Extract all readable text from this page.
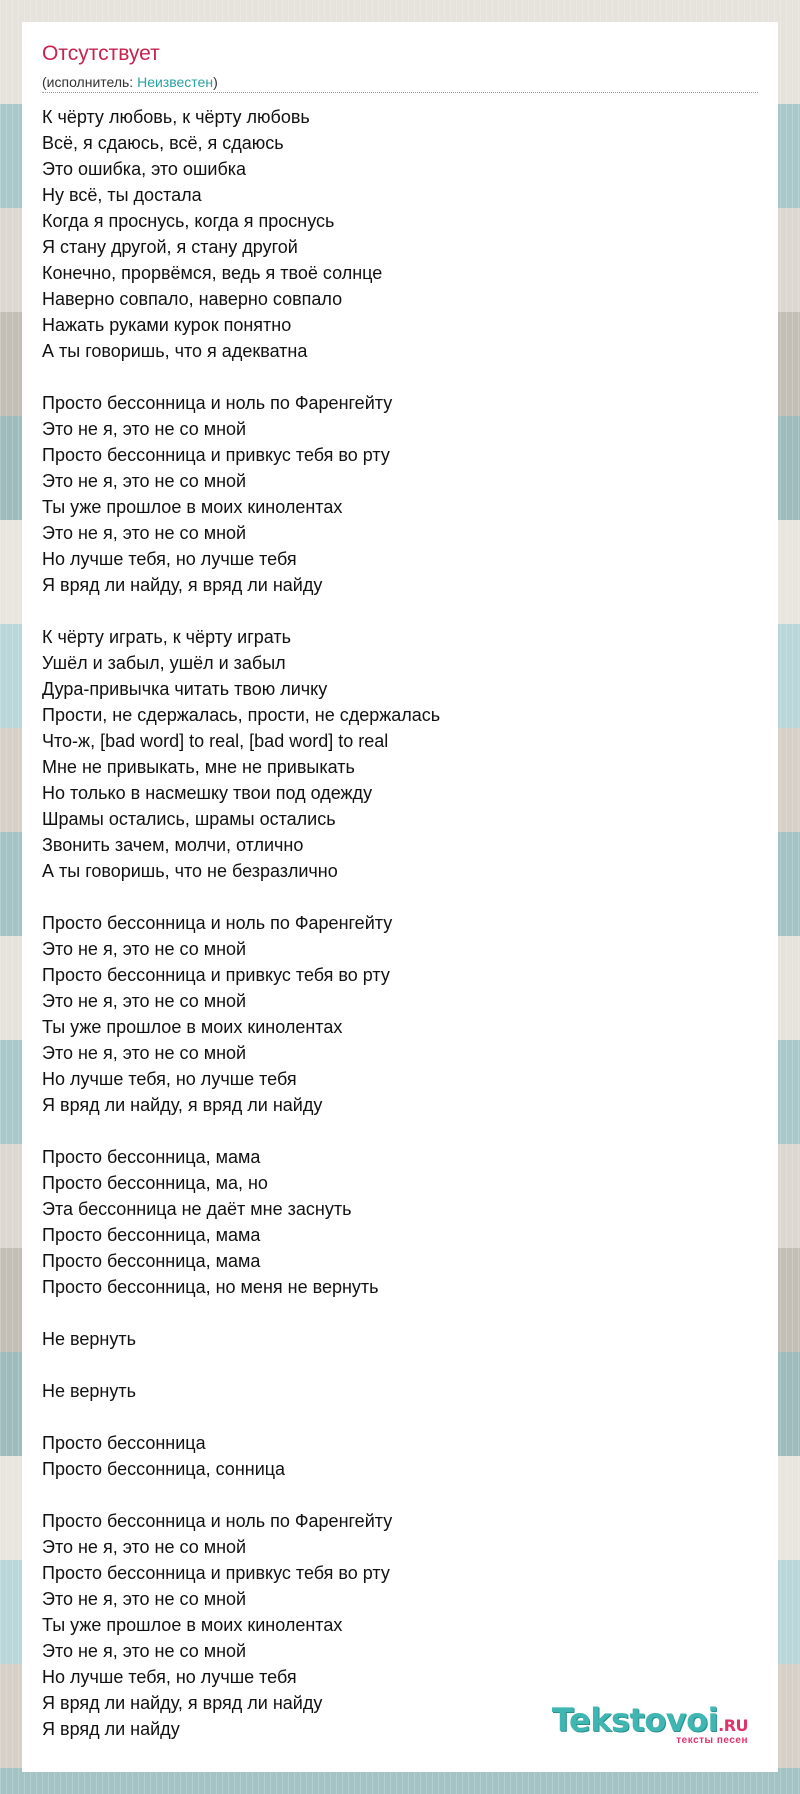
Отсутствует
(исполнитель: Неизвестен)
К чёрту любовь, к чёрту любовь
Всё, я сдаюсь, всё, я сдаюсь
Это ошибка, это ошибка
Ну всё, ты достала
Когда я проснусь, когда я проснусь
Я стану другой, я стану другой
Конечно, прорвёмся, ведь я твоё солнце
Наверно совпало, наверно совпало
Нажать руками курок понятно
А ты говоришь, что я адекватна
Просто бессонница и ноль по Фаренгейту
Это не я, это не со мной
Просто бессонница и привкус тебя во рту
Это не я, это не со мной
Ты уже прошлое в моих кинолентах
Это не я, это не со мной
Но лучше тебя, но лучше тебя
Я вряд ли найду, я вряд ли найду
К чёрту играть, к чёрту играть
Ушёл и забыл, ушёл и забыл
Дура-привычка читать твою личку
Прости, не сдержалась, прости, не сдержалась
Что-ж, [bad word] to real, [bad word] to real
Мне не привыкать, мне не привыкать
Но только в насмешку твои под одежду
Шрамы остались, шрамы остались
Звонить зачем, молчи, отлично
А ты говоришь, что не безразлично
Просто бессонница и ноль по Фаренгейту
Это не я, это не со мной
Просто бессонница и привкус тебя во рту
Это не я, это не со мной
Ты уже прошлое в моих кинолентах
Это не я, это не со мной
Но лучше тебя, но лучше тебя
Я вряд ли найду, я вряд ли найду
Просто бессонница, мама
Просто бессонница, ма, но
Эта бессонница не даёт мне заснуть
Просто бессонница, мама
Просто бессонница, мама
Просто бессонница, но меня не вернуть
Не вернуть
Не вернуть
Просто бессонница
Просто бессонница, сонница
Просто бессонница и ноль по Фаренгейту
Это не я, это не со мной
Просто бессонница и привкус тебя во рту
Это не я, это не со мной
Ты уже прошлое в моих кинолентах
Это не я, это не со мной
Но лучше тебя, но лучше тебя
Я вряд ли найду, я вряд ли найду
Я вряд ли найду	Tekstovoi.RU
тексты песен
